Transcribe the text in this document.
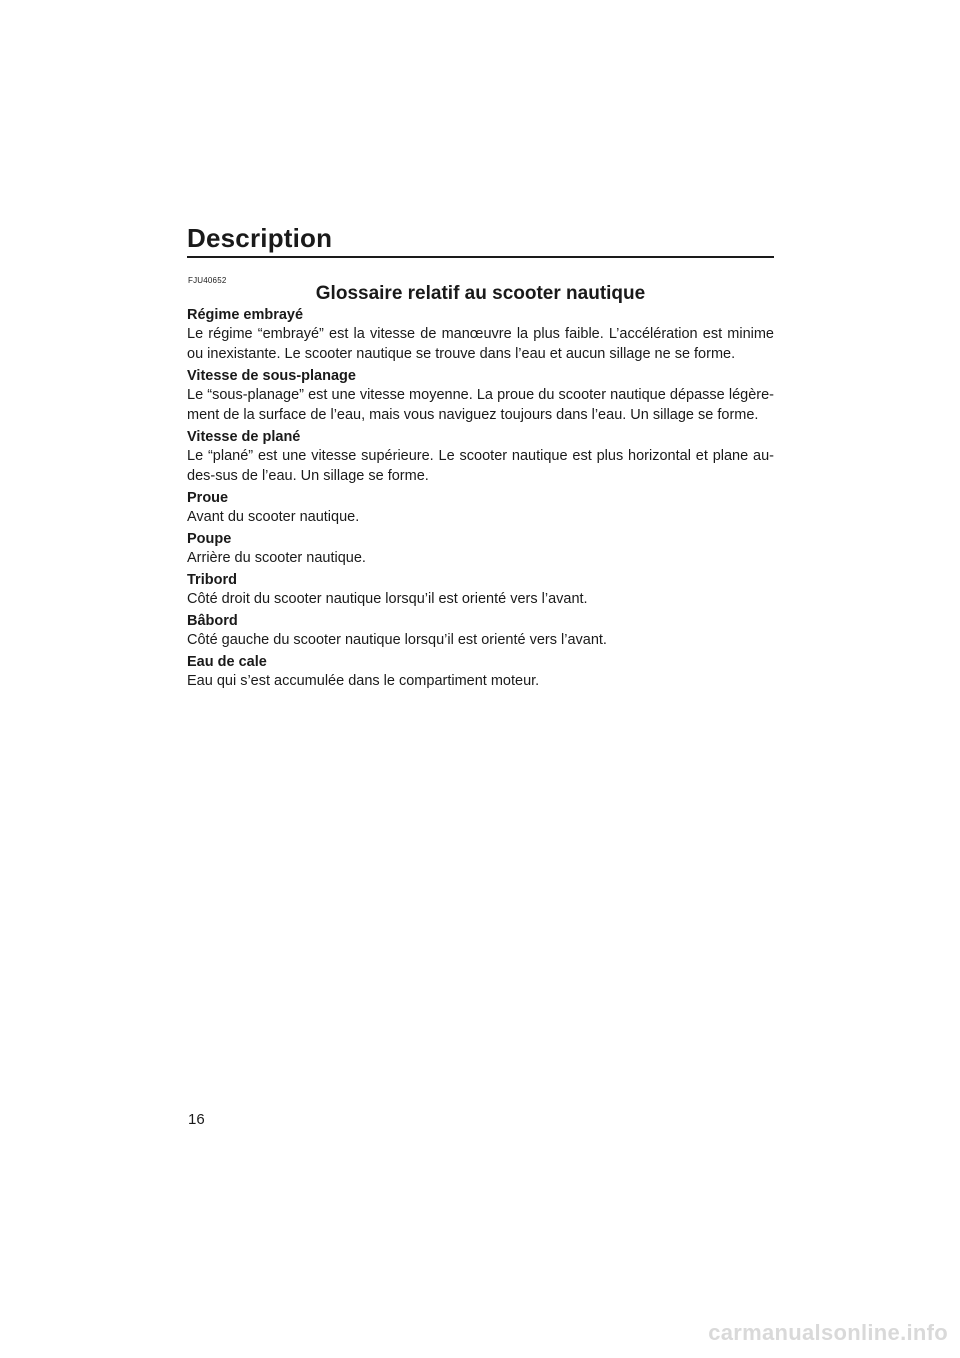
Description
FJU40652
Glossaire relatif au scooter nautique

Régime embrayé

Le régime “embrayé” est la vitesse de manœuvre la plus faible. L’accélération est minime ou inexistante. Le scooter nautique se trouve dans l’eau et aucun sillage ne se forme.

Vitesse de sous-planage

Le “sous-planage” est une vitesse moyenne. La proue du scooter nautique dépasse légère-ment de la surface de l’eau, mais vous naviguez toujours dans l’eau. Un sillage se forme.

Vitesse de plané

Le “plané” est une vitesse supérieure. Le scooter nautique est plus horizontal et plane au-des-sus de l’eau. Un sillage se forme.

Proue

Avant du scooter nautique.

Poupe

Arrière du scooter nautique.

Tribord

Côté droit du scooter nautique lorsqu’il est orienté vers l’avant.

Bâbord

Côté gauche du scooter nautique lorsqu’il est orienté vers l’avant.

Eau de cale

Eau qui s’est accumulée dans le compartiment moteur.

16
carmanualsonline.info
